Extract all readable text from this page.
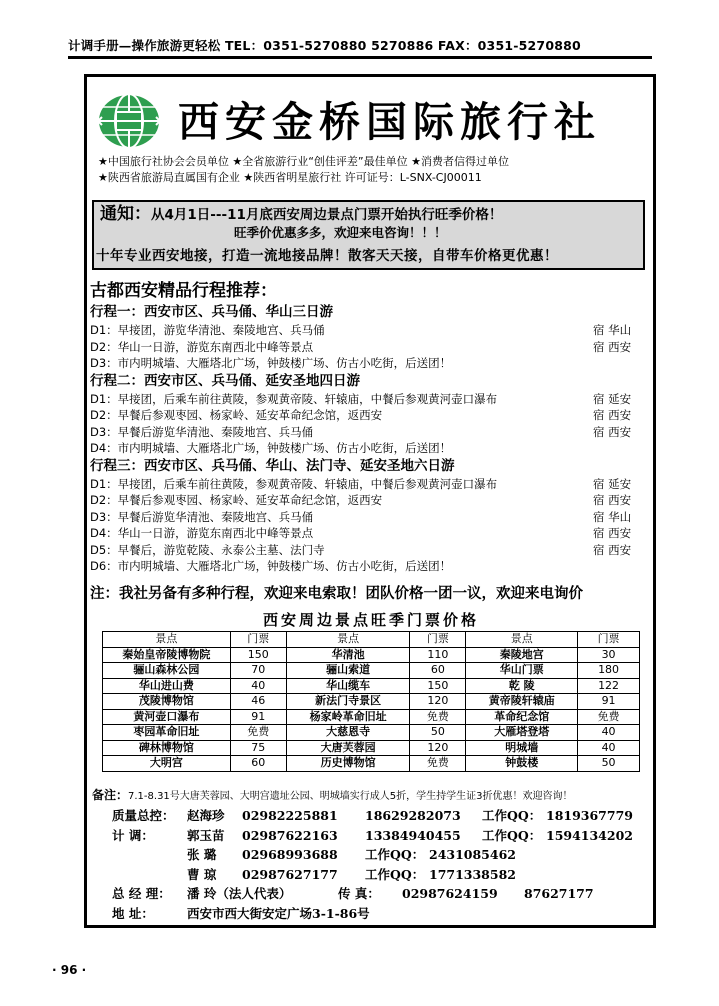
计调手册—操作旅游更轻松 TEL：0351-5270880 5270886 FAX：0351-5270880
西安金桥国际旅行社
★中国旅行社协会会员单位 ★全省旅游行业“创佳评差”最佳单位 ★消费者信得过单位
★陕西省旅游局直属国有企业 ★陕西省明星旅行社 许可证号：L-SNX-CJ00011
通知：从4月1日---11月底西安周边景点门票开始执行旺季价格！
旺季价优惠多多，欢迎来电咨询！！！
十年专业西安地接，打造一流地接品牌！散客天天接，自带车价格更优惠！
古都西安精品行程推荐：
行程一：西安市区、兵马俑、华山三日游
D1：早接团，游览华清池、秦陵地宫、兵马俑	宿 华山
D2：华山一日游，游览东南西北中峰等景点	宿 西安
D3：市内明城墙、大雁塔北广场，钟鼓楼广场、仿古小吃街，后送团！
行程二：西安市区、兵马俑、延安圣地四日游
D1：早接团，后乘车前往黄陵，参观黄帝陵、轩辕庙，中餐后参观黄河壶口瀑布	宿 延安
D2：早餐后参观枣园、杨家岭、延安革命纪念馆，返西安	宿 西安
D3：早餐后游览华清池、秦陵地宫、兵马俑	宿 西安
D4：市内明城墙、大雁塔北广场，钟鼓楼广场、仿古小吃街，后送团！
行程三：西安市区、兵马俑、华山、法门寺、延安圣地六日游
D1：早接团，后乘车前往黄陵，参观黄帝陵、轩辕庙，中餐后参观黄河壶口瀑布	宿 延安
D2：早餐后参观枣园、杨家岭、延安革命纪念馆，返西安	宿 西安
D3：早餐后游览华清池、秦陵地宫、兵马俑	宿 华山
D4：华山一日游，游览东南西北中峰等景点	宿 西安
D5：早餐后，游览乾陵、永泰公主墓、法门寺	宿 西安
D6：市内明城墙、大雁塔北广场，钟鼓楼广场、仿古小吃街，后送团！
注：我社另备有多种行程，欢迎来电索取！团队价格一团一议，欢迎来电询价
西安周边景点旺季门票价格
景点	门票	景点	门票	景点	门票
秦始皇帝陵博物院	150	华清池	110	秦陵地宫	30
骊山森林公园	70	骊山索道	60	华山门票	180
华山进山费	40	华山缆车	150	乾 陵	122
茂陵博物馆	46	新法门寺景区	120	黄帝陵轩辕庙	91
黄河壶口瀑布	91	杨家岭革命旧址	免费	革命纪念馆	免费
枣园革命旧址	免费	大慈恩寺	50	大雁塔登塔	40
碑林博物馆	75	大唐芙蓉园	120	明城墙	40
大明宫	60	历史博物馆	免费	钟鼓楼	50
备注：7.1-8.31号大唐芙蓉园、大明宫遗址公园、明城墙实行成人5折，学生持学生证3折优惠！欢迎咨询！
质量总控： 赵海珍 02982225881 18629282073 工作QQ： 1819367779
计 调：	郭玉苗 02987622163 13384940455 工作QQ： 1594134202
张 璐 02968993688 工作QQ： 2431085462
曹 琼 02987627177 工作QQ： 1771338582
总 经 理： 潘 玲（法人代表）	传 真： 02987624159 87627177
地 址：	西安市西大街安定广场3-1-86号
· 96 ·
